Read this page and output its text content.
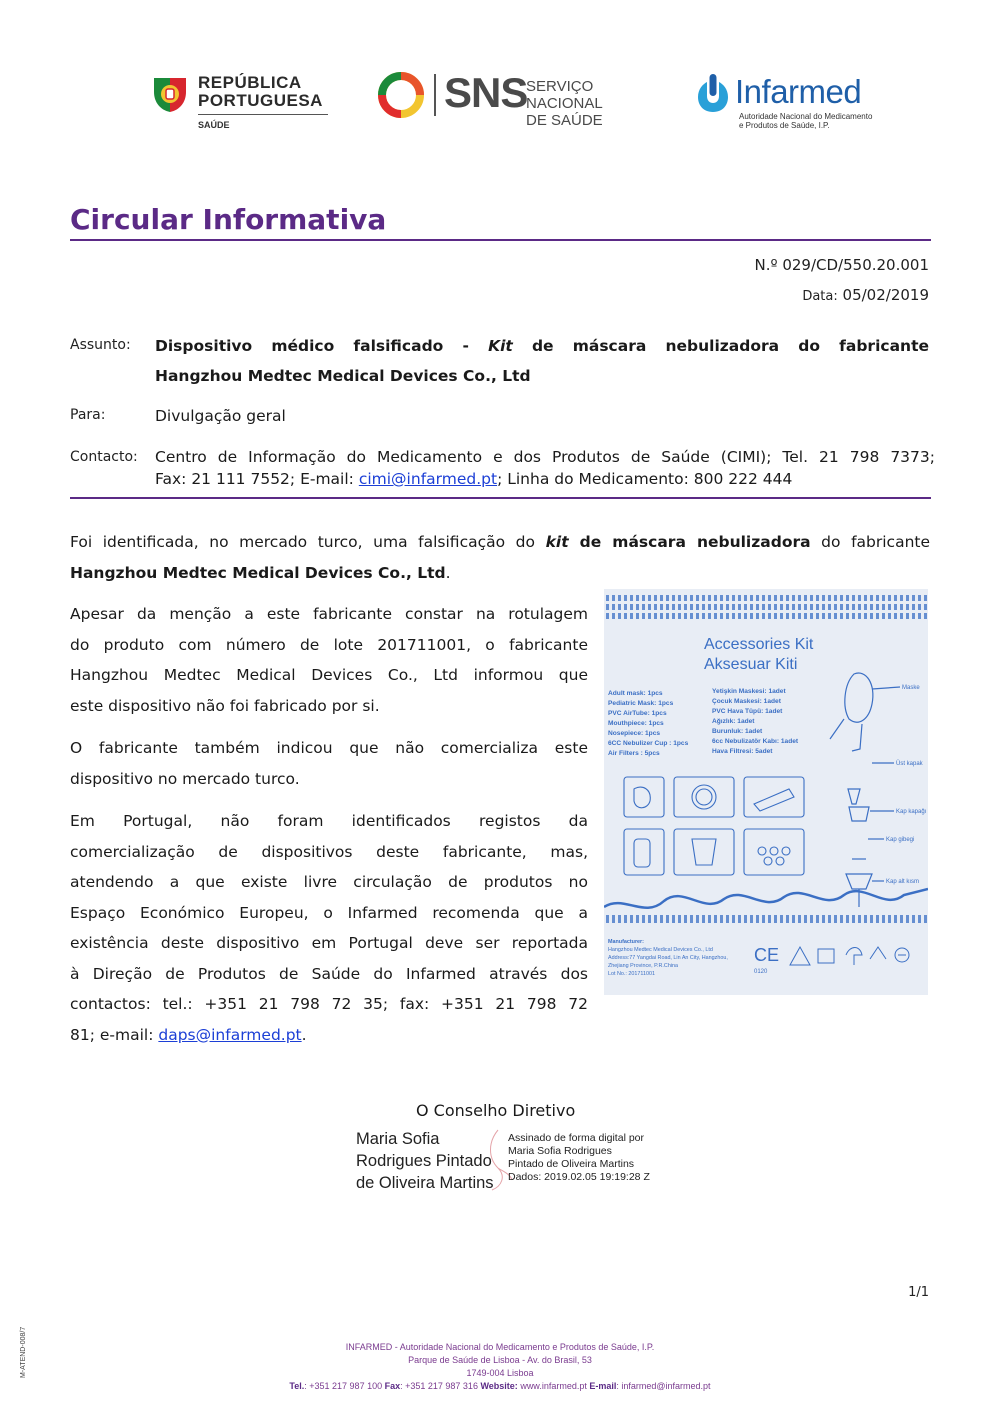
REPÚBLICA
PORTUGUESA
SAÚDE
SNS
SERVIÇO NACIONAL
DE SAÚDE
Infarmed
Autoridade Nacional do Medicamento
e Produtos de Saúde, I.P.
Circular Informativa
N.º 029/CD/550.20.001
Data: 05/02/2019
Assunto: Dispositivo médico falsificado - Kit de máscara nebulizadora do fabricante
Hangzhou Medtec Medical Devices Co., Ltd
Para:	Divulgação geral
Contacto: Centro de Informação do Medicamento e dos Produtos de Saúde (CIMI); Tel. 21 798 7373;
Fax: 21 111 7552; E-mail: cimi@infarmed.pt; Linha do Medicamento: 800 222 444
Foi identificada, no mercado turco, uma falsificação do kit de máscara nebulizadora do fabricante
Hangzhou Medtec Medical Devices Co., Ltd.

Apesar da menção a este fabricante constar na rotulagem
do produto com número de lote 201711001, o fabricante
Hangzhou Medtec Medical Devices Co., Ltd informou que
este dispositivo não foi fabricado por si.

O fabricante também indicou que não comercializa este
dispositivo no mercado turco.

Em Portugal, não foram identificados registos da
comercialização de dispositivos deste fabricante, mas,
atendendo a que existe livre circulação de produtos no
Espaço Económico Europeu, o Infarmed recomenda que a
existência deste dispositivo em Portugal deve ser reportada
à Direção de Produtos de Saúde do Infarmed através dos
contactos: tel.: +351 21 798 72 35; fax: +351 21 798 72
81; e-mail: daps@infarmed.pt.

Accessories Kit
Aksesuar Kiti
Adult mask: 1pcs
Pediatric Mask: 1pcs
PVC AirTube: 1pcs
Mouthpiece: 1pcs
Nosepiece: 1pcs
6CC Nebulizer Cup : 1pcs
Air Filters : 5pcs
Yetişkin Maskesi: 1adet
Çocuk Maskesi: 1adet
PVC Hava Tüpü: 1adet
Ağızlık: 1adet
Burunluk: 1adet
6cc Nebulizatör Kabı: 1adet
Hava Filtresi: 5adet
Maske
Üst kapak
Kap kapağı
Kap gibegi
Kap alt kısm
Manufacturer:
Hangzhou Medtec Medical Devices Co., Ltd
Address:77 Yangdai Road, Lin An City, Hangzhou,
Zhejiang Province, P.R.China
Lot No.: 201711001
CE
0120
O Conselho Diretivo
Maria Sofia
Rodrigues Pintado
de Oliveira Martins
Assinado de forma digital por
Maria Sofia Rodrigues
Pintado de Oliveira Martins
Dados: 2019.02.05 19:19:28 Z
1/1
M-ATEND-008/7	INFARMED - Autoridade Nacional do Medicamento e Produtos de Saúde, I.P.
Parque de Saúde de Lisboa - Av. do Brasil, 53
1749-004 Lisboa
Tel.: +351 217 987 100 Fax: +351 217 987 316 Website: www.infarmed.pt E-mail: infarmed@infarmed.pt
